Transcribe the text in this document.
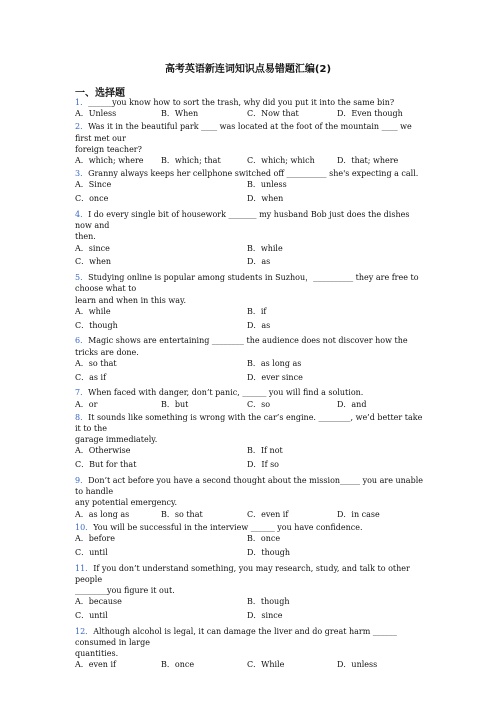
高考英语新连词知识点易错题汇编(2)
一、选择题
1．______you know how to sort the trash, why did you put it into the same bin?
A．Unless	B．When	C．Now that	D．Even though
2．Was it in the beautiful park ____ was located at the foot of the mountain ____ we first met our
foreign teacher?
A．which; where B．which; that	C．which; which	D．that; where
3．Granny always keeps her cellphone switched off __________ she's expecting a call.
A．Since	B．unless
C．once	D．when
4．I do every single bit of housework _______ my husband Bob just does the dishes now and
then.
A．since	B．while
C．when	D．as
5．Studying online is popular among students in Suzhou，__________ they are free to choose what to
learn and when in this way.
A．while	B．if
C．though	D．as
6．Magic shows are entertaining ________ the audience does not discover how the tricks are done.
A．so that	B．as long as
C．as if	D．ever since
7．When faced with danger, don’t panic, ______ you will find a solution.
A．or	B．but	C．so	D．and
8．It sounds like something is wrong with the car’s engine. ________, we’d better take it to the
garage immediately.
A．Otherwise	B．If not
C．But for that	D．If so
9．Don’t act before you have a second thought about the mission_____ you are unable to handle
any potential emergency.
A．as long as	B．so that	C．even if	D．in case
10．You will be successful in the interview ______ you have confidence.
A．before	B．once
C．until	D．though
11．If you don’t understand something, you may research, study, and talk to other people
________you figure it out.
A．because	B．though
C．until	D．since
12．Although alcohol is legal, it can damage the liver and do great harm ______ consumed in large
quantities.
A．even if	B．once	C．While	D．unless
